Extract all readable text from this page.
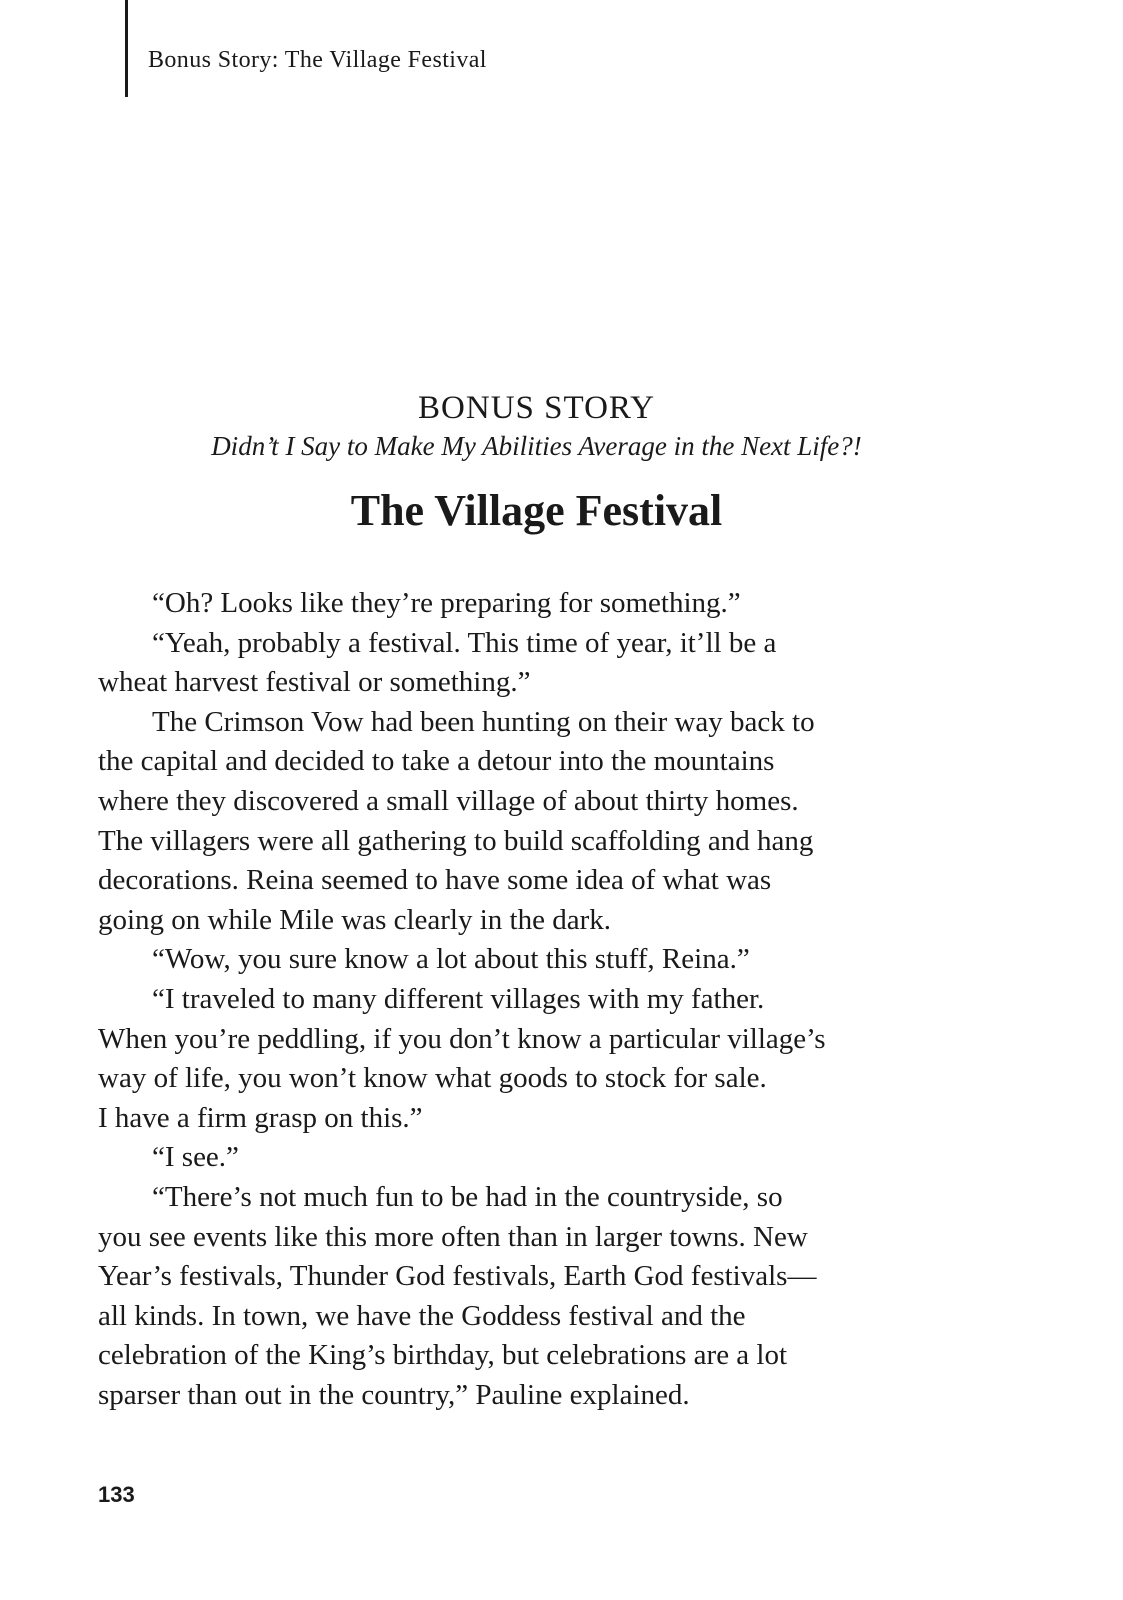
Bonus Story: The Village Festival
BONUS STORY
Didn’t I Say to Make My Abilities Average in the Next Life?!
The Village Festival
“Oh? Looks like they’re preparing for something.”
“Yeah, probably a festival. This time of year, it’ll be a
wheat harvest festival or something.”
The Crimson Vow had been hunting on their way back to
the capital and decided to take a detour into the mountains
where they discovered a small village of about thirty homes.
The villagers were all gathering to build scaffolding and hang
decorations. Reina seemed to have some idea of what was
going on while Mile was clearly in the dark.
“Wow, you sure know a lot about this stuff, Reina.”
“I traveled to many different villages with my father.
When you’re peddling, if you don’t know a particular village’s
way of life, you won’t know what goods to stock for sale.
I have a firm grasp on this.”
“I see.”
“There’s not much fun to be had in the countryside, so
you see events like this more often than in larger towns. New
Year’s festivals, Thunder God festivals, Earth God festivals—
all kinds. In town, we have the Goddess festival and the
celebration of the King’s birthday, but celebrations are a lot
sparser than out in the country,” Pauline explained.
133
